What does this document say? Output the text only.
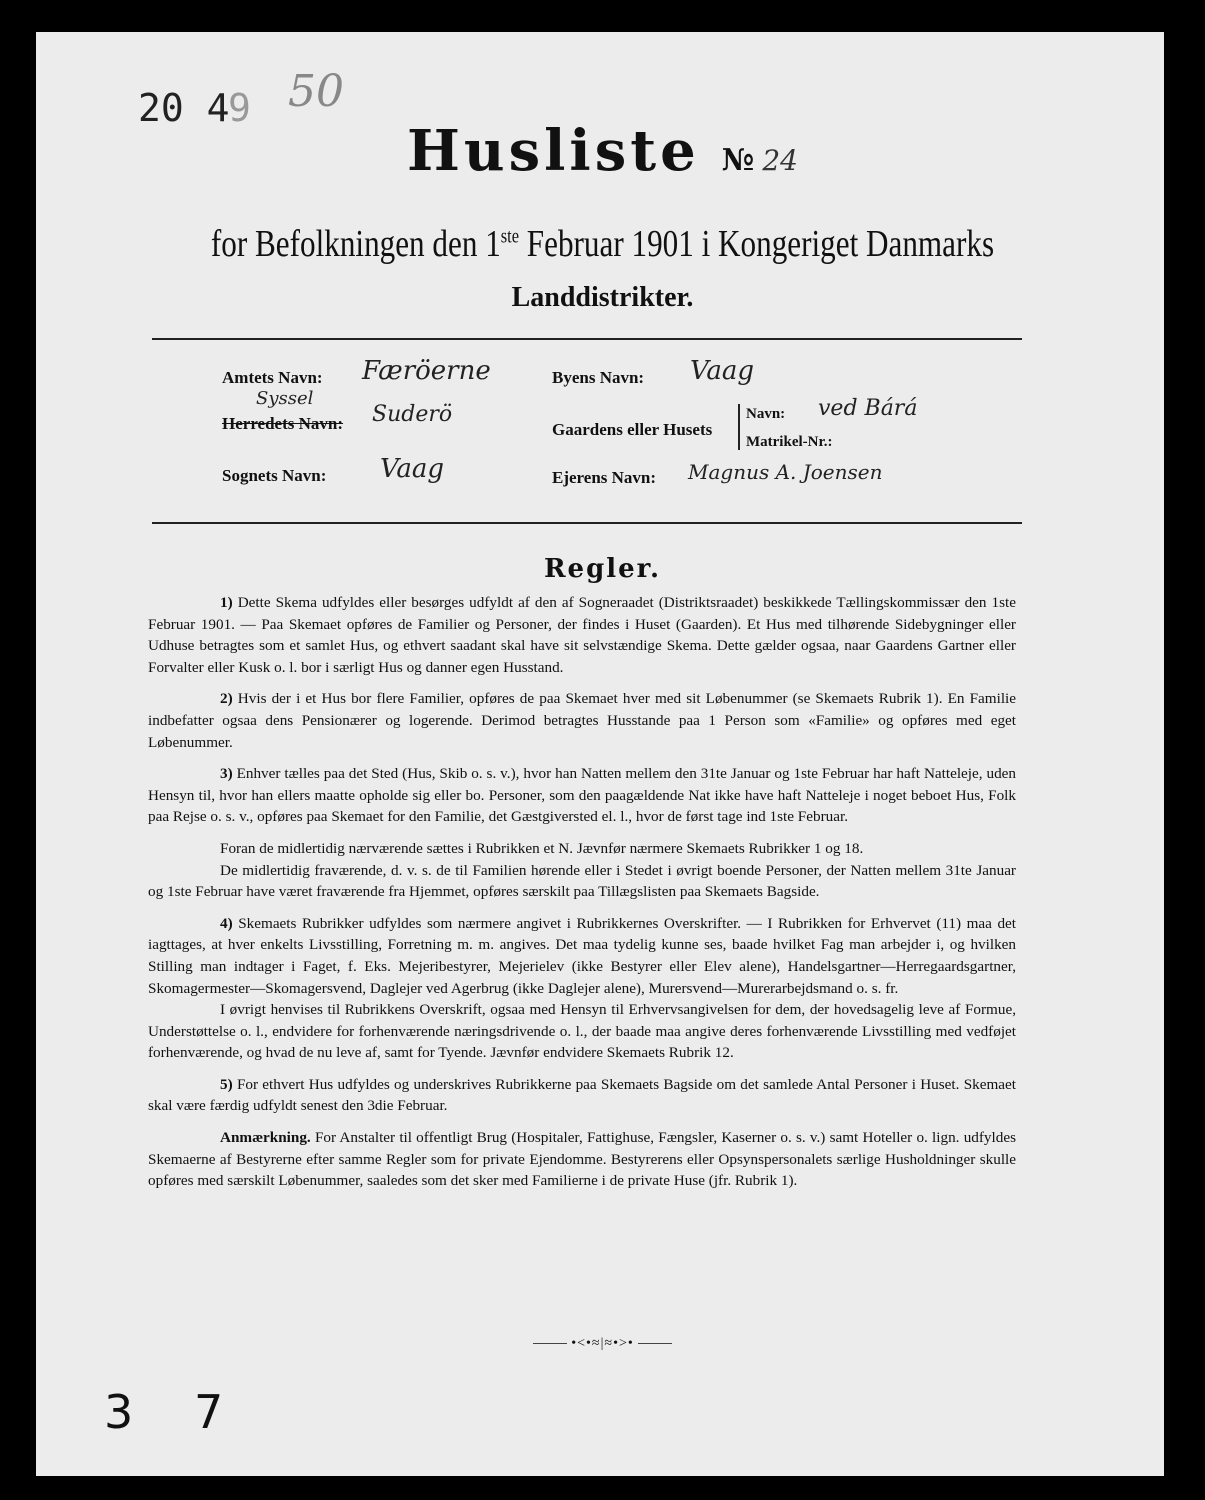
20 4
9 50
Husliste № 24
for Befolkningen den 1ste Februar 1901 i Kongeriget Danmarks
Landdistrikter.
Amtets Navn: Færöerne
Syssel
Herredets Navn: Suderö
Sognets Navn: Vaag
Byens Navn: Vaag
Gaardens eller Husets
Navn: ved Bárá
Matrikel-Nr.:
Ejerens Navn: Magnus A. Joensen
Regler.

1) Dette Skema udfyldes eller besørges udfyldt af den af Sogneraadet (Distriktsraadet) beskikkede Tællingskommissær den 1ste Februar 1901. — Paa Skemaet opføres de Familier og Personer, der findes i Huset (Gaarden). Et Hus med tilhørende Sidebygninger eller Udhuse betragtes som et samlet Hus, og ethvert saadant skal have sit selvstændige Skema. Dette gælder ogsaa, naar Gaardens Gartner eller Forvalter eller Kusk o. l. bor i særligt Hus og danner egen Husstand.

2) Hvis der i et Hus bor flere Familier, opføres de paa Skemaet hver med sit Løbenummer (se Skemaets Rubrik 1). En Familie indbefatter ogsaa dens Pensionærer og logerende. Derimod betragtes Husstande paa 1 Person som «Familie» og opføres med eget Løbenummer.

3) Enhver tælles paa det Sted (Hus, Skib o. s. v.), hvor han Natten mellem den 31te Januar og 1ste Februar har haft Natteleje, uden Hensyn til, hvor han ellers maatte opholde sig eller bo. Personer, som den paagældende Nat ikke have haft Natteleje i noget beboet Hus, Folk paa Rejse o. s. v., opføres paa Skemaet for den Familie, det Gæstgiversted el. l., hvor de først tage ind 1ste Februar.

Foran de midlertidig nærværende sættes i Rubrikken et N. Jævnfør nærmere Skemaets Rubrikker 1 og 18.

De midlertidig fraværende, d. v. s. de til Familien hørende eller i Stedet i øvrigt boende Personer, der Natten mellem 31te Januar og 1ste Februar have været fraværende fra Hjemmet, opføres særskilt paa Tillægslisten paa Skemaets Bagside.

4) Skemaets Rubrikker udfyldes som nærmere angivet i Rubrikkernes Overskrifter. — I Rubrikken for Erhvervet (11) maa det iagttages, at hver enkelts Livsstilling, Forretning m. m. angives. Det maa tydelig kunne ses, baade hvilket Fag man arbejder i, og hvilken Stilling man indtager i Faget, f. Eks. Mejeribestyrer, Mejerielev (ikke Bestyrer eller Elev alene), Handelsgartner—Herregaardsgartner, Skomagermester—Skomagersvend, Daglejer ved Agerbrug (ikke Daglejer alene), Murersvend—Murerarbejdsmand o. s. fr.

I øvrigt henvises til Rubrikkens Overskrift, ogsaa med Hensyn til Erhvervsangivelsen for dem, der hovedsagelig leve af Formue, Understøttelse o. l., endvidere for forhenværende næringsdrivende o. l., der baade maa angive deres forhenværende Livsstilling med vedføjet forhenværende, og hvad de nu leve af, samt for Tyende. Jævnfør endvidere Skemaets Rubrik 12.

5) For ethvert Hus udfyldes og underskrives Rubrikkerne paa Skemaets Bagside om det samlede Antal Personer i Huset. Skemaet skal være færdig udfyldt senest den 3die Februar.

Anmærkning. For Anstalter til offentligt Brug (Hospitaler, Fattighuse, Fængsler, Kaserner o. s. v.) samt Hoteller o. lign. udfyldes Skemaerne af Bestyrerne efter samme Regler som for private Ejendomme. Bestyrerens eller Opsynspersonalets særlige Husholdninger skulle opføres med særskilt Løbenummer, saaledes som det sker med Familierne i de private Huse (jfr. Rubrik 1).

•<•≈|≈•>•
3 7
